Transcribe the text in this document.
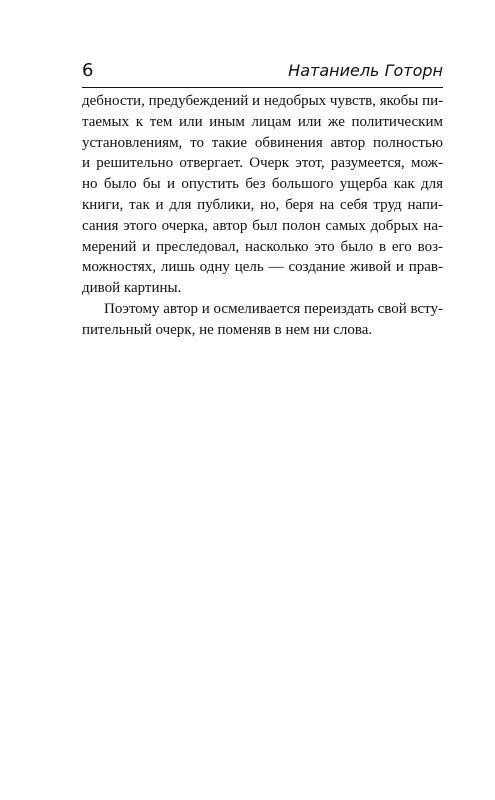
6	Натаниель Готорн
дебности, предубеждений и недобрых чувств, якобы пи-
таемых к тем или иным лицам или же политическим
установлениям, то такие обвинения автор полностью
и решительно отвергает. Очерк этот, разумеется, мож-
но было бы и опустить без большого ущерба как для
книги, так и для публики, но, беря на себя труд напи-
сания этого очерка, автор был полон самых добрых на-
мерений и преследовал, насколько это было в его воз-
можностях, лишь одну цель — создание живой и прав-
дивой картины.
Поэтому автор и осмеливается переиздать свой всту-
пительный очерк, не поменяв в нем ни слова.
